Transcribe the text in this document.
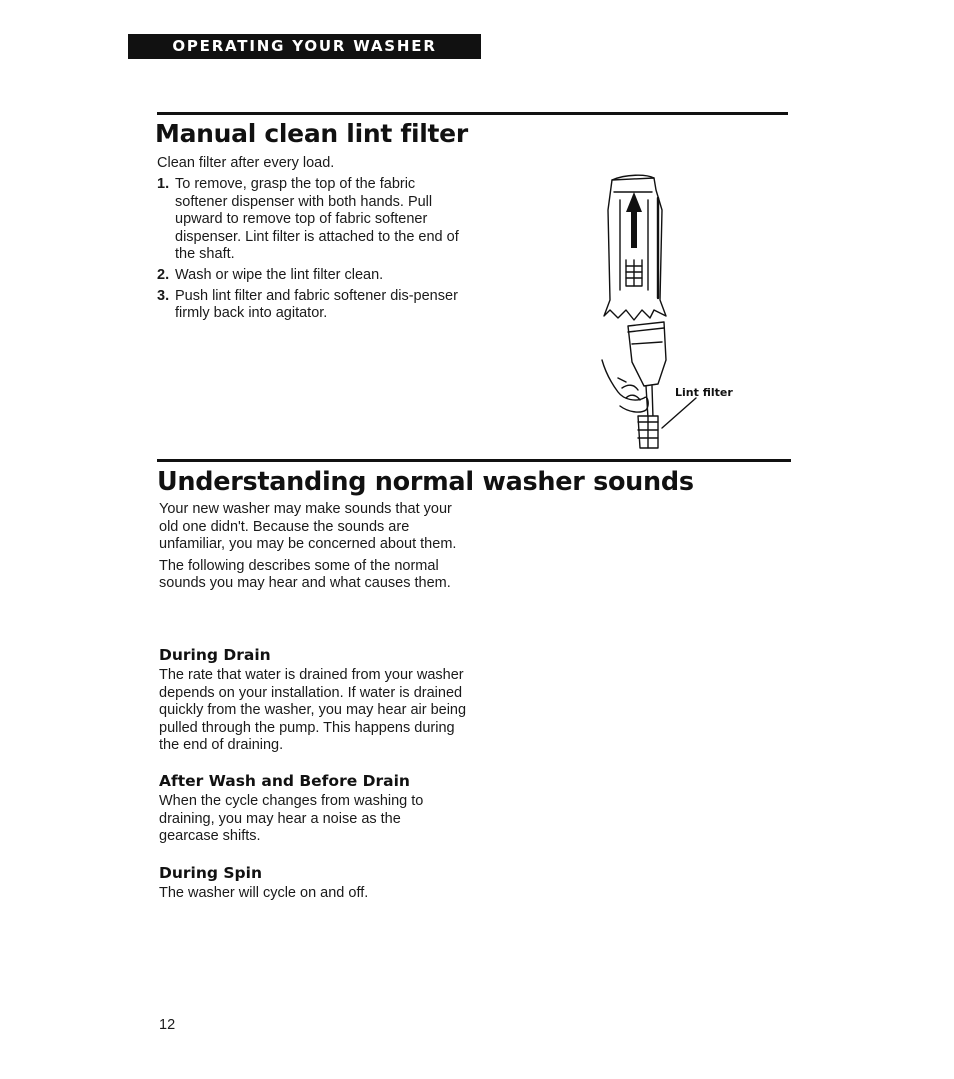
OPERATING YOUR WASHER
Manual clean lint filter
Clean filter after every load.
1. To remove, grasp the top of the fabric softener dispenser with both hands. Pull upward to remove top of fabric softener dispenser. Lint filter is attached to the end of the shaft.
2. Wash or wipe the lint filter clean.
3. Push lint filter and fabric softener dis-penser firmly back into agitator.
Lint filter
Understanding normal washer sounds

Your new washer may make sounds that your old one didn't. Because the sounds are unfamiliar, you may be concerned about them.

The following describes some of the normal sounds you may hear and what causes them.

During Drain
The rate that water is drained from your washer depends on your installation. If water is drained quickly from the washer, you may hear air being pulled through the pump. This happens during the end of draining.
After Wash and Before Drain
When the cycle changes from washing to draining, you may hear a noise as the gearcase shifts.
During Spin
The washer will cycle on and off.
12
